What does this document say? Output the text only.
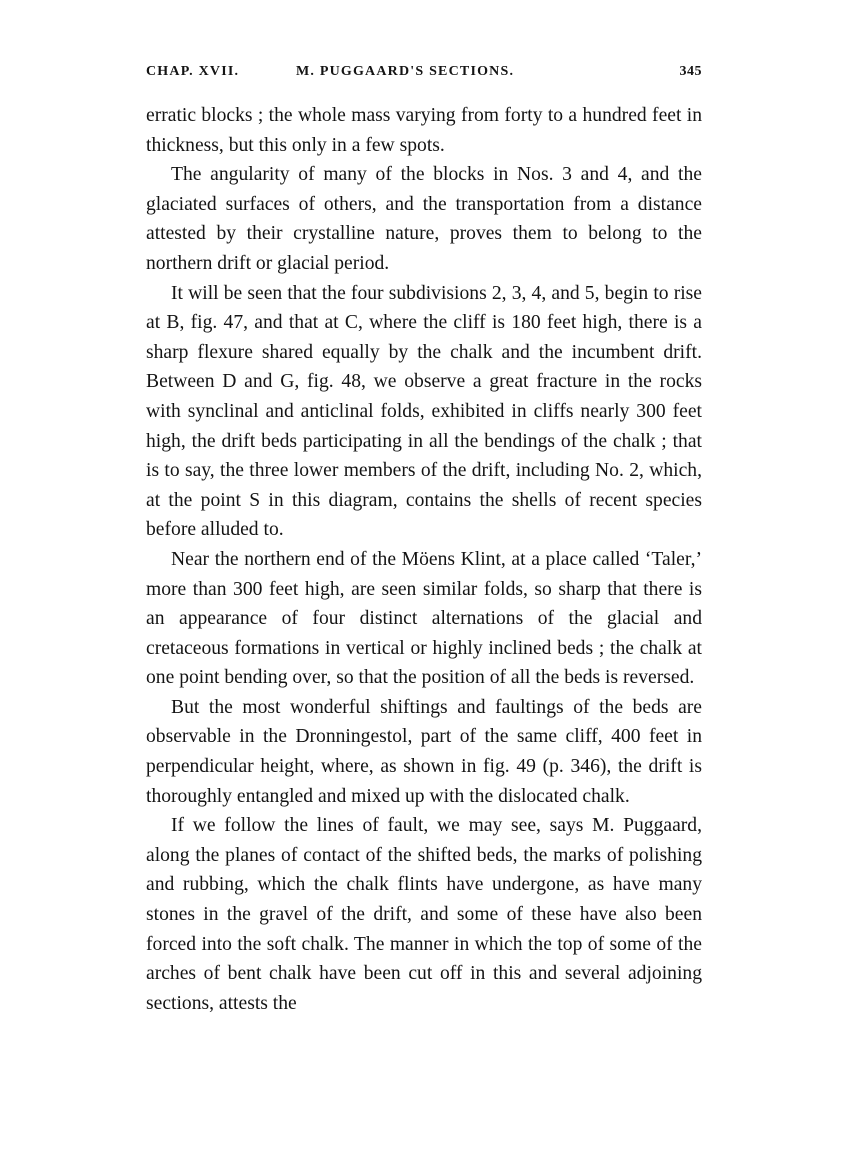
CHAP. XVII.	M. PUGGAARD'S SECTIONS.	345

erratic blocks ; the whole mass varying from forty to a hundred feet in thickness, but this only in a few spots.

The angularity of many of the blocks in Nos. 3 and 4, and the glaciated surfaces of others, and the transportation from a distance attested by their crystalline nature, proves them to belong to the northern drift or glacial period.

It will be seen that the four subdivisions 2, 3, 4, and 5, begin to rise at B, fig. 47, and that at C, where the cliff is 180 feet high, there is a sharp flexure shared equally by the chalk and the incumbent drift. Between D and G, fig. 48, we observe a great fracture in the rocks with synclinal and anticlinal folds, exhibited in cliffs nearly 300 feet high, the drift beds participating in all the bendings of the chalk ; that is to say, the three lower members of the drift, including No. 2, which, at the point S in this diagram, contains the shells of recent species before alluded to.

Near the northern end of the Möens Klint, at a place called ‘Taler,’ more than 300 feet high, are seen similar folds, so sharp that there is an appearance of four distinct alternations of the glacial and cretaceous formations in vertical or highly inclined beds ; the chalk at one point bending over, so that the position of all the beds is reversed.

But the most wonderful shiftings and faultings of the beds are observable in the Dronningestol, part of the same cliff, 400 feet in perpendicular height, where, as shown in fig. 49 (p. 346), the drift is thoroughly entangled and mixed up with the dislocated chalk.

If we follow the lines of fault, we may see, says M. Puggaard, along the planes of contact of the shifted beds, the marks of polishing and rubbing, which the chalk flints have undergone, as have many stones in the gravel of the drift, and some of these have also been forced into the soft chalk. The manner in which the top of some of the arches of bent chalk have been cut off in this and several adjoining sections, attests the
